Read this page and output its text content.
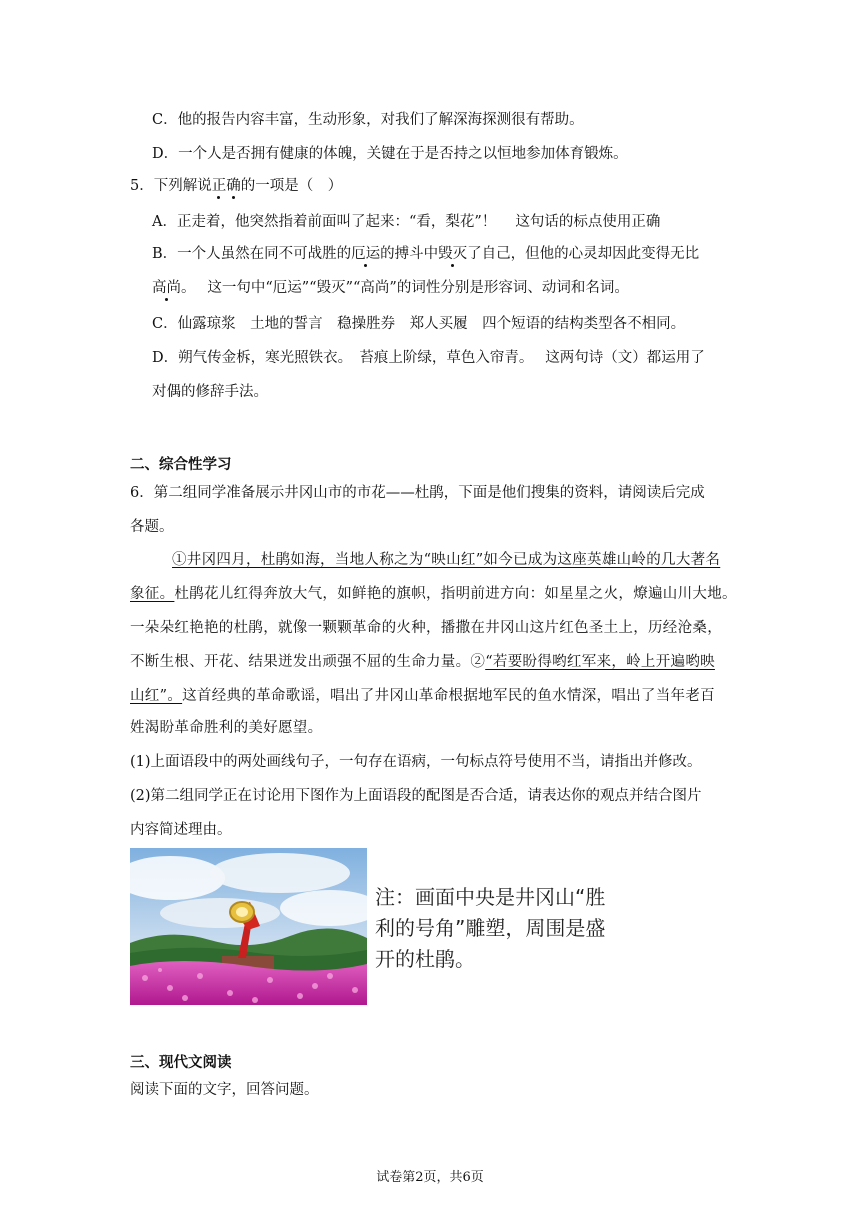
C．他的报告内容丰富，生动形象，对我们了解深海探测很有帮助。
D．一个人是否拥有健康的体魄，关键在于是否持之以恒地参加体育锻炼。
5．下列解说正确的一项是（　）
A．正走着，他突然指着前面叫了起来：“看，梨花”！　 这句话的标点使用正确
B．一个人虽然在同不可战胜的厄运的搏斗中毁灭了自己，但他的心灵却因此变得无比
高尚。　 这一句中“厄运”“毁灭”“高尚”的词性分别是形容词、动词和名词。
C．仙露琼浆　土地的誓言　稳操胜券　郑人买履　四个短语的结构类型各不相同。
D．朔气传金柝，寒光照铁衣。　苔痕上阶绿，草色入帘青。　 这两句诗（文）都运用了
对偶的修辞手法。
二、综合性学习
6．第二组同学准备展示井冈山市的市花——杜鹃，下面是他们搜集的资料，请阅读后完成
各题。
①井冈四月，杜鹃如海，当地人称之为“映山红”如今已成为这座英雄山岭的几大著名
象征。杜鹃花儿红得奔放大气，如鲜艳的旗帜，指明前进方向：如星星之火，燎遍山川大地。
一朵朵红艳艳的杜鹃，就像一颗颗革命的火种，播撒在井冈山这片红色圣土上，历经沧桑，
不断生根、开花、结果迸发出顽强不屈的生命力量。②“若要盼得哟红军来，岭上开遍哟映
山红”。这首经典的革命歌谣，唱出了井冈山革命根据地军民的鱼水情深，唱出了当年老百
姓渴盼革命胜利的美好愿望。
(1)上面语段中的两处画线句子，一句存在语病，一句标点符号使用不当，请指出并修改。
(2)第二组同学正在讨论用下图作为上面语段的配图是否合适，请表达你的观点并结合图片
内容简述理由。
注：画面中央是井冈山“胜利的号角”雕塑，周围是盛开的杜鹃。
三、现代文阅读
阅读下面的文字，回答问题。
试卷第2页，共6页
